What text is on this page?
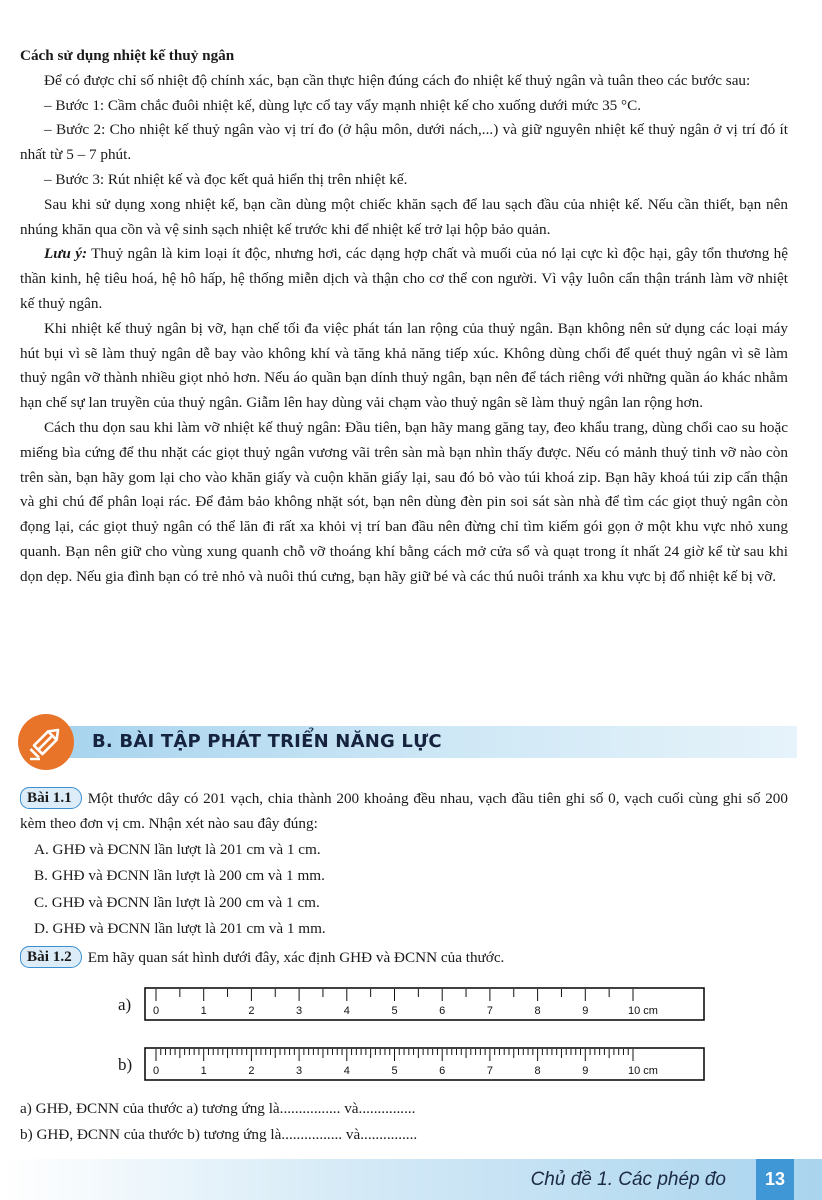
Cách sử dụng nhiệt kế thuỷ ngân

Để có được chỉ số nhiệt độ chính xác, bạn cần thực hiện đúng cách đo nhiệt kế thuỷ ngân và tuân theo các bước sau:

– Bước 1: Cầm chắc đuôi nhiệt kế, dùng lực cổ tay vẩy mạnh nhiệt kế cho xuống dưới mức 35 °C.

– Bước 2: Cho nhiệt kế thuỷ ngân vào vị trí đo (ở hậu môn, dưới nách,...) và giữ nguyên nhiệt kế thuỷ ngân ở vị trí đó ít nhất từ 5 – 7 phút.

– Bước 3: Rút nhiệt kế và đọc kết quả hiển thị trên nhiệt kế.

Sau khi sử dụng xong nhiệt kế, bạn cần dùng một chiếc khăn sạch để lau sạch đầu của nhiệt kế. Nếu cần thiết, bạn nên nhúng khăn qua cồn và vệ sinh sạch nhiệt kế trước khi để nhiệt kế trở lại hộp bảo quản.

Lưu ý: Thuỷ ngân là kim loại ít độc, nhưng hơi, các dạng hợp chất và muối của nó lại cực kì độc hại, gây tổn thương hệ thần kinh, hệ tiêu hoá, hệ hô hấp, hệ thống miễn dịch và thận cho cơ thể con người. Vì vậy luôn cẩn thận tránh làm vỡ nhiệt kế thuỷ ngân.

Khi nhiệt kế thuỷ ngân bị vỡ, hạn chế tối đa việc phát tán lan rộng của thuỷ ngân. Bạn không nên sử dụng các loại máy hút bụi vì sẽ làm thuỷ ngân dễ bay vào không khí và tăng khả năng tiếp xúc. Không dùng chổi để quét thuỷ ngân vì sẽ làm thuỷ ngân vỡ thành nhiều giọt nhỏ hơn. Nếu áo quần bạn dính thuỷ ngân, bạn nên để tách riêng với những quần áo khác nhằm hạn chế sự lan truyền của thuỷ ngân. Giẫm lên hay dùng vải chạm vào thuỷ ngân sẽ làm thuỷ ngân lan rộng hơn.

Cách thu dọn sau khi làm vỡ nhiệt kế thuỷ ngân: Đầu tiên, bạn hãy mang găng tay, đeo khẩu trang, dùng chổi cao su hoặc miếng bìa cứng để thu nhặt các giọt thuỷ ngân vương vãi trên sàn mà bạn nhìn thấy được. Nếu có mảnh thuỷ tinh vỡ nào còn trên sàn, bạn hãy gom lại cho vào khăn giấy và cuộn khăn giấy lại, sau đó bỏ vào túi khoá zip. Bạn hãy khoá túi zip cẩn thận và ghi chú để phân loại rác. Để đảm bảo không nhặt sót, bạn nên dùng đèn pin soi sát sàn nhà để tìm các giọt thuỷ ngân còn đọng lại, các giọt thuỷ ngân có thể lăn đi rất xa khỏi vị trí ban đầu nên đừng chỉ tìm kiếm gói gọn ở một khu vực nhỏ xung quanh. Bạn nên giữ cho vùng xung quanh chỗ vỡ thoáng khí bằng cách mở cửa sổ và quạt trong ít nhất 24 giờ kể từ sau khi dọn dẹp. Nếu gia đình bạn có trẻ nhỏ và nuôi thú cưng, bạn hãy giữ bé và các thú nuôi tránh xa khu vực bị đổ nhiệt kế bị vỡ.

B. BÀI TẬP PHÁT TRIỂN NĂNG LỰC

Bài 1.1 Một thước dây có 201 vạch, chia thành 200 khoảng đều nhau, vạch đầu tiên ghi số 0, vạch cuối cùng ghi số 200 kèm theo đơn vị cm. Nhận xét nào sau đây đúng:

A. GHĐ và ĐCNN lần lượt là 201 cm và 1 cm.
B. GHĐ và ĐCNN lần lượt là 200 cm và 1 mm.
C. GHĐ và ĐCNN lần lượt là 200 cm và 1 cm.
D. GHĐ và ĐCNN lần lượt là 201 cm và 1 mm.

Bài 1.2 Em hãy quan sát hình dưới đây, xác định GHĐ và ĐCNN của thước.

a)	0	1	2	3	4	5	6	7	8	9	10 cm
b)	0	1	2	3	4	5	6	7	8	9	10 cm
a) GHĐ, ĐCNN của thước a) tương ứng là................ và...............
b) GHĐ, ĐCNN của thước b) tương ứng là................ và...............
Chủ đề 1. Các phép đo	13
